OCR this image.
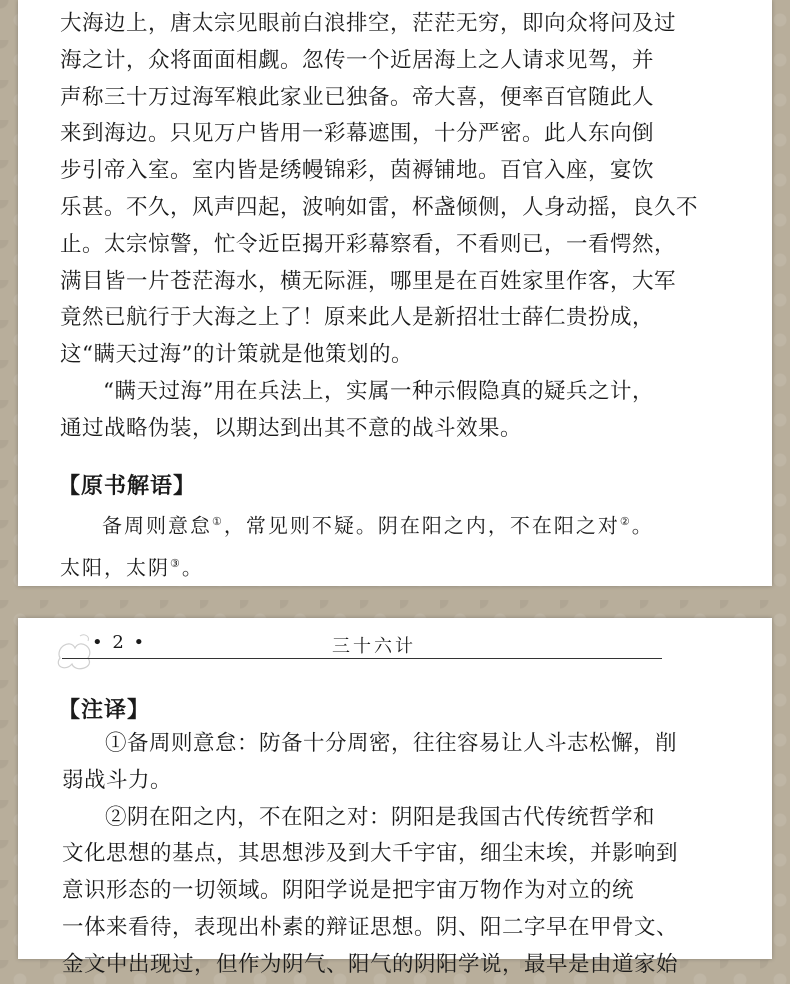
大海边上，唐太宗见眼前白浪排空，茫茫无穷，即向众将问及过
海之计，众将面面相觑。忽传一个近居海上之人请求见驾，并
声称三十万过海军粮此家业已独备。帝大喜，便率百官随此人
来到海边。只见万户皆用一彩幕遮围，十分严密。此人东向倒
步引帝入室。室内皆是绣幔锦彩，茵褥铺地。百官入座，宴饮
乐甚。不久，风声四起，波响如雷，杯盏倾侧，人身动摇，良久不
止。太宗惊警，忙令近臣揭开彩幕察看，不看则已，一看愕然，
满目皆一片苍茫海水，横无际涯，哪里是在百姓家里作客，大军
竟然已航行于大海之上了！原来此人是新招壮士薛仁贵扮成，
这“瞒天过海”的计策就是他策划的。

“瞒天过海”用在兵法上，实属一种示假隐真的疑兵之计，
通过战略伪装，以期达到出其不意的战斗效果。

【原书解语】
备周则意怠①，常见则不疑。阴在阳之内，不在阳之对②。
太阳，太阴③。
• 2 •	三十六计
【注译】

①备周则意怠：防备十分周密，往往容易让人斗志松懈，削
弱战斗力。

②阴在阳之内，不在阳之对：阴阳是我国古代传统哲学和
文化思想的基点，其思想涉及到大千宇宙，细尘末埃，并影响到
意识形态的一切领域。阴阳学说是把宇宙万物作为对立的统
一体来看待，表现出朴素的辩证思想。阴、阳二字早在甲骨文、
金文中出现过，但作为阴气、阳气的阴阳学说，最早是由道家始
